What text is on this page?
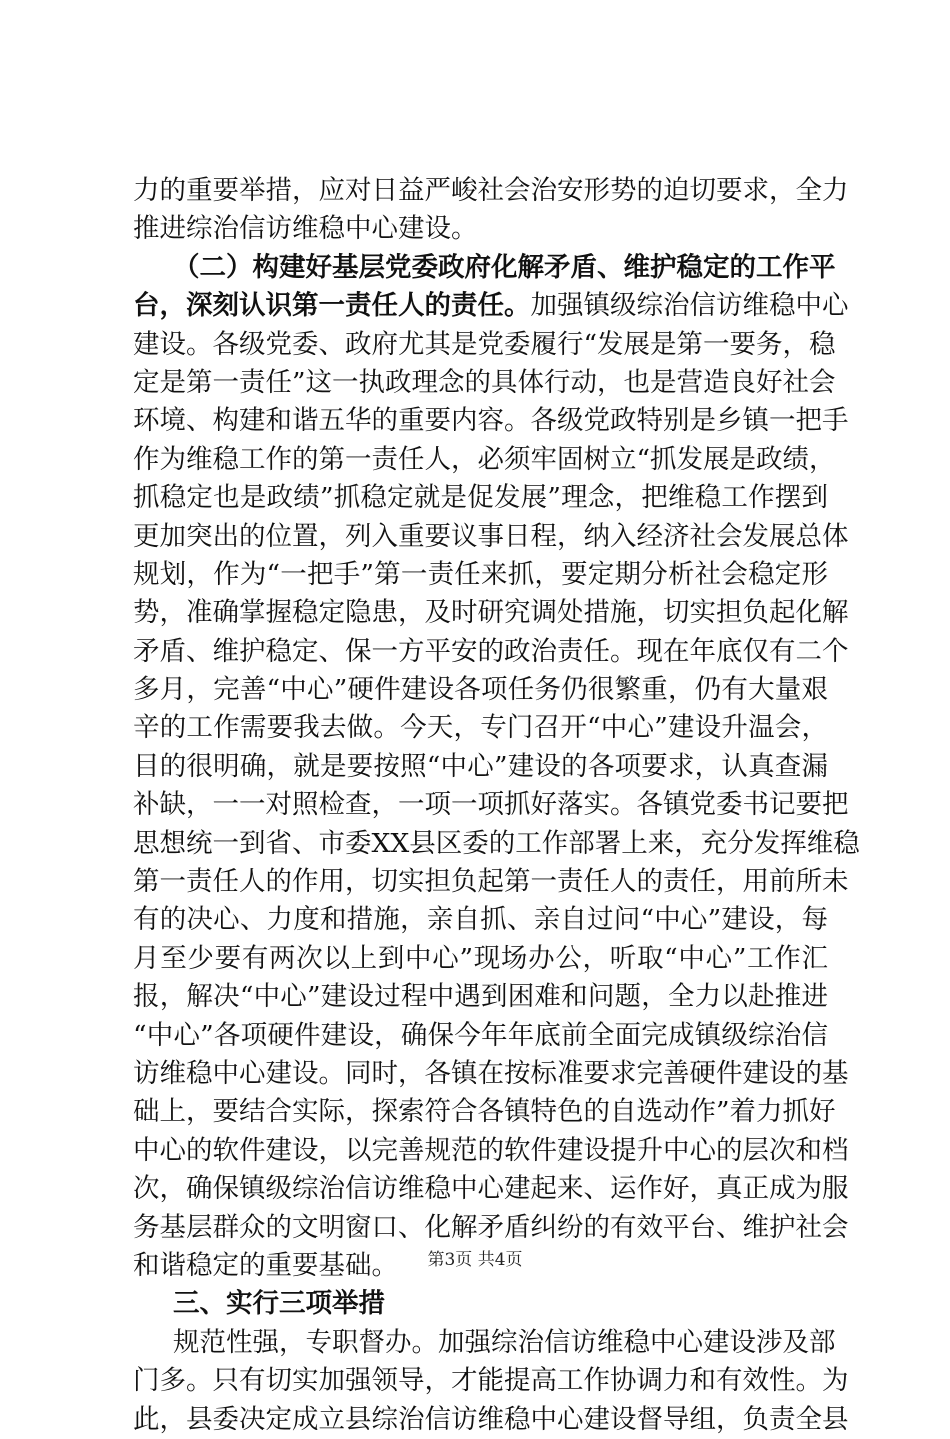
力的重要举措，应对日益严峻社会治安形势的迫切要求，全力
推进综治信访维稳中心建设。
（二）构建好基层党委政府化解矛盾、维护稳定的工作平
台，深刻认识第一责任人的责任。加强镇级综治信访维稳中心
建设。各级党委、政府尤其是党委履行“发展是第一要务，稳
定是第一责任”这一执政理念的具体行动，也是营造良好社会
环境、构建和谐五华的重要内容。各级党政特别是乡镇一把手
作为维稳工作的第一责任人，必须牢固树立“抓发展是政绩，
抓稳定也是政绩”抓稳定就是促发展”理念，把维稳工作摆到
更加突出的位置，列入重要议事日程，纳入经济社会发展总体
规划，作为“一把手”第一责任来抓，要定期分析社会稳定形
势，准确掌握稳定隐患，及时研究调处措施，切实担负起化解
矛盾、维护稳定、保一方平安的政治责任。现在年底仅有二个
多月，完善“中心”硬件建设各项任务仍很繁重，仍有大量艰
辛的工作需要我去做。今天，专门召开“中心”建设升温会，
目的很明确，就是要按照“中心”建设的各项要求，认真查漏
补缺，一一对照检查，一项一项抓好落实。各镇党委书记要把
思想统一到省、市委XX县区委的工作部署上来，充分发挥维稳
第一责任人的作用，切实担负起第一责任人的责任，用前所未
有的决心、力度和措施，亲自抓、亲自过问“中心”建设，每
月至少要有两次以上到中心”现场办公，听取“中心”工作汇
报，解决“中心”建设过程中遇到困难和问题，全力以赴推进
“中心”各项硬件建设，确保今年年底前全面完成镇级综治信
访维稳中心建设。同时，各镇在按标准要求完善硬件建设的基
础上，要结合实际，探索符合各镇特色的自选动作”着力抓好
中心的软件建设，以完善规范的软件建设提升中心的层次和档
次，确保镇级综治信访维稳中心建起来、运作好，真正成为服
务基层群众的文明窗口、化解矛盾纠纷的有效平台、维护社会
和谐稳定的重要基础。
三、实行三项举措
规范性强，专职督办。加强综治信访维稳中心建设涉及部
门多。只有切实加强领导，才能提高工作协调力和有效性。为
此，县委决定成立县综治信访维稳中心建设督导组，负责全县
第3页 共4页
